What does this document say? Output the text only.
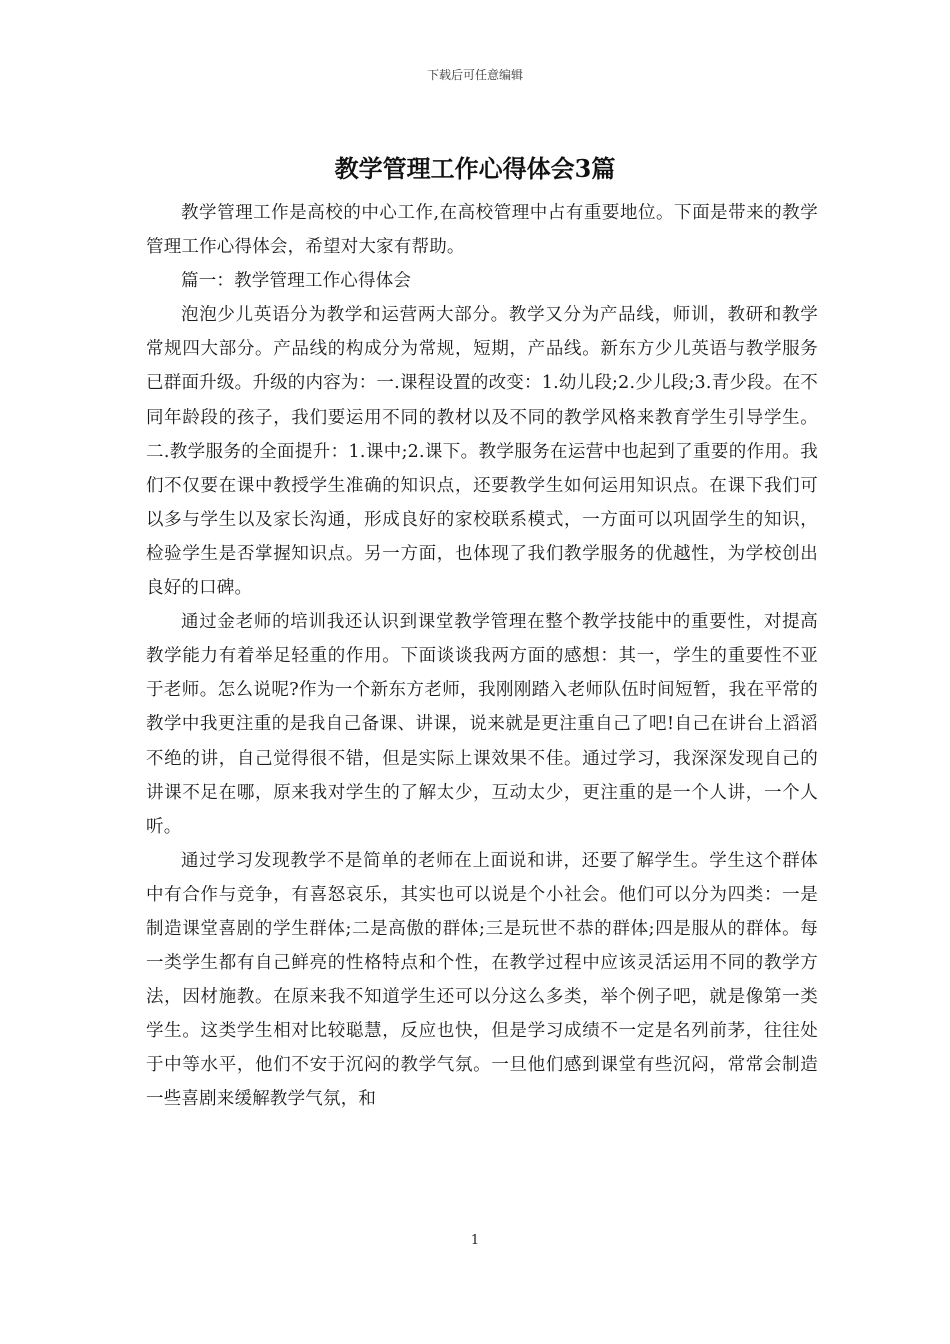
下载后可任意编辑
教学管理工作心得体会3篇

教学管理工作是高校的中心工作,在高校管理中占有重要地位。下面是带来的教学管理工作心得体会，希望对大家有帮助。

篇一：教学管理工作心得体会

泡泡少儿英语分为教学和运营两大部分。教学又分为产品线，师训，教研和教学常规四大部分。产品线的构成分为常规，短期，产品线。新东方少儿英语与教学服务已群面升级。升级的内容为：一.课程设置的改变：1.幼儿段;2.少儿段;3.青少段。在不同年龄段的孩子，我们要运用不同的教材以及不同的教学风格来教育学生引导学生。二.教学服务的全面提升：1.课中;2.课下。教学服务在运营中也起到了重要的作用。我们不仅要在课中教授学生准确的知识点，还要教学生如何运用知识点。在课下我们可以多与学生以及家长沟通，形成良好的家校联系模式，一方面可以巩固学生的知识，检验学生是否掌握知识点。另一方面，也体现了我们教学服务的优越性，为学校创出良好的口碑。

通过金老师的培训我还认识到课堂教学管理在整个教学技能中的重要性，对提高教学能力有着举足轻重的作用。下面谈谈我两方面的感想：其一，学生的重要性不亚于老师。怎么说呢?作为一个新东方老师，我刚刚踏入老师队伍时间短暂，我在平常的教学中我更注重的是我自己备课、讲课，说来就是更注重自己了吧!自己在讲台上滔滔不绝的讲，自己觉得很不错，但是实际上课效果不佳。通过学习，我深深发现自己的讲课不足在哪，原来我对学生的了解太少，互动太少，更注重的是一个人讲，一个人听。

通过学习发现教学不是简单的老师在上面说和讲，还要了解学生。学生这个群体中有合作与竞争，有喜怒哀乐，其实也可以说是个小社会。他们可以分为四类：一是制造课堂喜剧的学生群体;二是高傲的群体;三是玩世不恭的群体;四是服从的群体。每一类学生都有自己鲜亮的性格特点和个性，在教学过程中应该灵活运用不同的教学方法，因材施教。在原来我不知道学生还可以分这么多类，举个例子吧，就是像第一类学生。这类学生相对比较聪慧，反应也快，但是学习成绩不一定是名列前茅，往往处于中等水平，他们不安于沉闷的教学气氛。一旦他们感到课堂有些沉闷，常常会制造一些喜剧来缓解教学气氛，和

1
